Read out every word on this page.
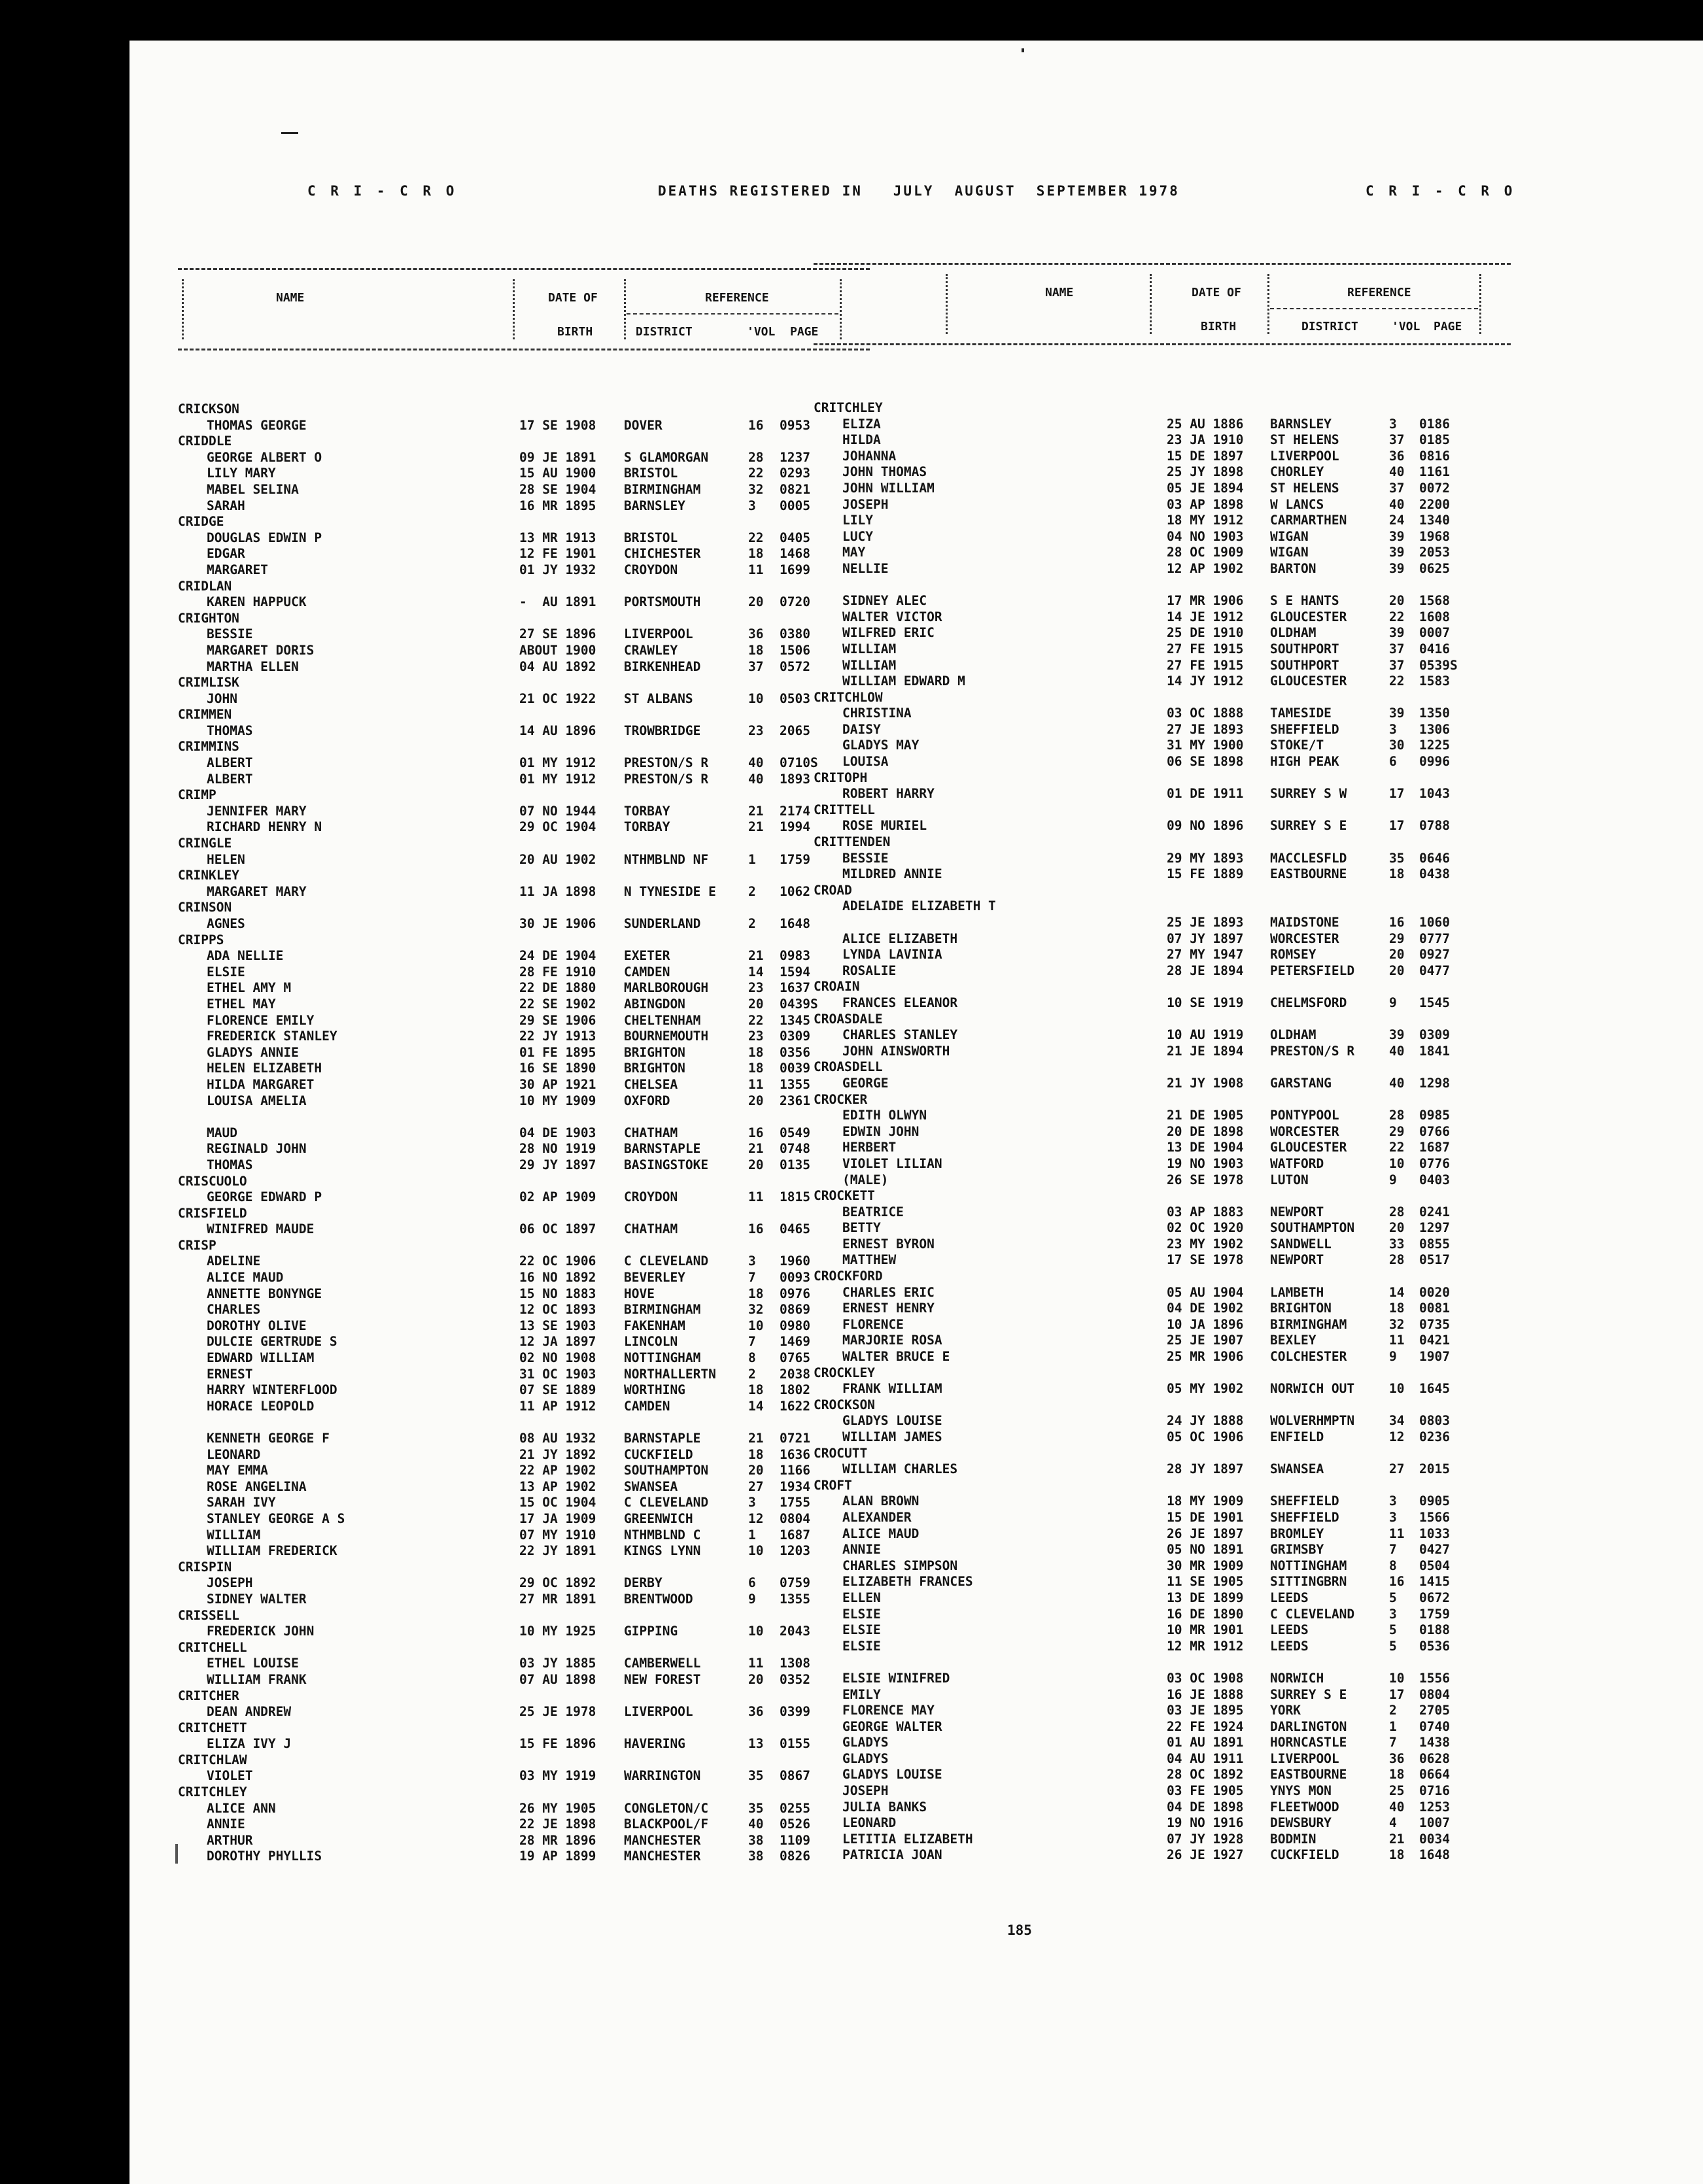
C R I - C R O	DEATHS REGISTERED IN   JULY  AUGUST  SEPTEMBER 1978	C R I - C R O
NAME	DATE OF
BIRTH
REFERENCE
DISTRICT	'VOL PAGE
CRICKSON
THOMAS GEORGE	17 SE 1908 DOVER	16 0953
CRIDDLE
GEORGE ALBERT O	09 JE 1891 S GLAMORGAN	28 1237
LILY MARY	15 AU 1900 BRISTOL	22 0293
MABEL SELINA	28 SE 1904 BIRMINGHAM	32 0821
SARAH	16 MR 1895 BARNSLEY	3 0005
CRIDGE
DOUGLAS EDWIN P	13 MR 1913 BRISTOL	22 0405
EDGAR	12 FE 1901 CHICHESTER	18 1468
MARGARET	01 JY 1932 CROYDON	11 1699
CRIDLAN
KAREN HAPPUCK	-  AU 1891 PORTSMOUTH	20 0720
CRIGHTON
BESSIE	27 SE 1896 LIVERPOOL	36 0380
MARGARET DORIS	ABOUT 1900 CRAWLEY	18 1506
MARTHA ELLEN	04 AU 1892 BIRKENHEAD	37 0572
CRIMLISK
JOHN	21 OC 1922 ST ALBANS	10 0503
CRIMMEN
THOMAS	14 AU 1896 TROWBRIDGE	23 2065
CRIMMINS
ALBERT	01 MY 1912 PRESTON/S R	40 0710S
ALBERT	01 MY 1912 PRESTON/S R	40 1893
CRIMP
JENNIFER MARY	07 NO 1944 TORBAY	21 2174
RICHARD HENRY N	29 OC 1904 TORBAY	21 1994
CRINGLE
HELEN	20 AU 1902 NTHMBLND NF	1 1759
CRINKLEY
MARGARET MARY	11 JA 1898 N TYNESIDE E	2 1062
CRINSON
AGNES	30 JE 1906 SUNDERLAND	2 1648
CRIPPS
ADA NELLIE	24 DE 1904 EXETER	21 0983
ELSIE	28 FE 1910 CAMDEN	14 1594
ETHEL AMY M	22 DE 1880 MARLBOROUGH	23 1637
ETHEL MAY	22 SE 1902 ABINGDON	20 0439S
FLORENCE EMILY	29 SE 1906 CHELTENHAM	22 1345
FREDERICK STANLEY	22 JY 1913 BOURNEMOUTH	23 0309
GLADYS ANNIE	01 FE 1895 BRIGHTON	18 0356
HELEN ELIZABETH	16 SE 1890 BRIGHTON	18 0039
HILDA MARGARET	30 AP 1921 CHELSEA	11 1355
LOUISA AMELIA	10 MY 1909 OXFORD	20 2361
MAUD	04 DE 1903 CHATHAM	16 0549
REGINALD JOHN	28 NO 1919 BARNSTAPLE	21 0748
THOMAS	29 JY 1897 BASINGSTOKE	20 0135
CRISCUOLO
GEORGE EDWARD P	02 AP 1909 CROYDON	11 1815
CRISFIELD
WINIFRED MAUDE	06 OC 1897 CHATHAM	16 0465
CRISP
ADELINE	22 OC 1906 C CLEVELAND	3 1960
ALICE MAUD	16 NO 1892 BEVERLEY	7 0093
ANNETTE BONYNGE	15 NO 1883 HOVE	18 0976
CHARLES	12 OC 1893 BIRMINGHAM	32 0869
DOROTHY OLIVE	13 SE 1903 FAKENHAM	10 0980
DULCIE GERTRUDE S	12 JA 1897 LINCOLN	7 1469
EDWARD WILLIAM	02 NO 1908 NOTTINGHAM	8 0765
ERNEST	31 OC 1903 NORTHALLERTN	2 2038
HARRY WINTERFLOOD	07 SE 1889 WORTHING	18 1802
HORACE LEOPOLD	11 AP 1912 CAMDEN	14 1622
KENNETH GEORGE F	08 AU 1932 BARNSTAPLE	21 0721
LEONARD	21 JY 1892 CUCKFIELD	18 1636
MAY EMMA	22 AP 1902 SOUTHAMPTON	20 1166
ROSE ANGELINA	13 AP 1902 SWANSEA	27 1934
SARAH IVY	15 OC 1904 C CLEVELAND	3 1755
STANLEY GEORGE A S	17 JA 1909 GREENWICH	12 0804
WILLIAM	07 MY 1910 NTHMBLND C	1 1687
WILLIAM FREDERICK	22 JY 1891 KINGS LYNN	10 1203
CRISPIN
JOSEPH	29 OC 1892 DERBY	6 0759
SIDNEY WALTER	27 MR 1891 BRENTWOOD	9 1355
CRISSELL
FREDERICK JOHN	10 MY 1925 GIPPING	10 2043
CRITCHELL
ETHEL LOUISE	03 JY 1885 CAMBERWELL	11 1308
WILLIAM FRANK	07 AU 1898 NEW FOREST	20 0352
CRITCHER
DEAN ANDREW	25 JE 1978 LIVERPOOL	36 0399
CRITCHETT
ELIZA IVY J	15 FE 1896 HAVERING	13 0155
CRITCHLAW
VIOLET	03 MY 1919 WARRINGTON	35 0867
CRITCHLEY
ALICE ANN	26 MY 1905 CONGLETON/C	35 0255
ANNIE	22 JE 1898 BLACKPOOL/F	40 0526
ARTHUR	28 MR 1896 MANCHESTER	38 1109
DOROTHY PHYLLIS	19 AP 1899 MANCHESTER	38 0826
NAME	DATE OF
BIRTH
REFERENCE
DISTRICT	'VOL PAGE
CRITCHLEY
ELIZA	25 AU 1886 BARNSLEY	3 0186
HILDA	23 JA 1910 ST HELENS	37 0185
JOHANNA	15 DE 1897 LIVERPOOL	36 0816
JOHN THOMAS	25 JY 1898 CHORLEY	40 1161
JOHN WILLIAM	05 JE 1894 ST HELENS	37 0072
JOSEPH	03 AP 1898 W LANCS	40 2200
LILY	18 MY 1912 CARMARTHEN	24 1340
LUCY	04 NO 1903 WIGAN	39 1968
MAY	28 OC 1909 WIGAN	39 2053
NELLIE	12 AP 1902 BARTON	39 0625
SIDNEY ALEC	17 MR 1906 S E HANTS	20 1568
WALTER VICTOR	14 JE 1912 GLOUCESTER	22 1608
WILFRED ERIC	25 DE 1910 OLDHAM	39 0007
WILLIAM	27 FE 1915 SOUTHPORT	37 0416
WILLIAM	27 FE 1915 SOUTHPORT	37 0539S
WILLIAM EDWARD M	14 JY 1912 GLOUCESTER	22 1583
CRITCHLOW
CHRISTINA	03 OC 1888 TAMESIDE	39 1350
DAISY	27 JE 1893 SHEFFIELD	3 1306
GLADYS MAY	31 MY 1900 STOKE/T	30 1225
LOUISA	06 SE 1898 HIGH PEAK	6 0996
CRITOPH
ROBERT HARRY	01 DE 1911 SURREY S W	17 1043
CRITTELL
ROSE MURIEL	09 NO 1896 SURREY S E	17 0788
CRITTENDEN
BESSIE	29 MY 1893 MACCLESFLD	35 0646
MILDRED ANNIE	15 FE 1889 EASTBOURNE	18 0438
CROAD
ADELAIDE ELIZABETH T
25 JE 1893 MAIDSTONE	16 1060
ALICE ELIZABETH	07 JY 1897 WORCESTER	29 0777
LYNDA LAVINIA	27 MY 1947 ROMSEY	20 0927
ROSALIE	28 JE 1894 PETERSFIELD	20 0477
CROAIN
FRANCES ELEANOR	10 SE 1919 CHELMSFORD	9 1545
CROASDALE
CHARLES STANLEY	10 AU 1919 OLDHAM	39 0309
JOHN AINSWORTH	21 JE 1894 PRESTON/S R	40 1841
CROASDELL
GEORGE	21 JY 1908 GARSTANG	40 1298
CROCKER
EDITH OLWYN	21 DE 1905 PONTYPOOL	28 0985
EDWIN JOHN	20 DE 1898 WORCESTER	29 0766
HERBERT	13 DE 1904 GLOUCESTER	22 1687
VIOLET LILIAN	19 NO 1903 WATFORD	10 0776
(MALE)	26 SE 1978 LUTON	9 0403
CROCKETT
BEATRICE	03 AP 1883 NEWPORT	28 0241
BETTY	02 OC 1920 SOUTHAMPTON	20 1297
ERNEST BYRON	23 MY 1902 SANDWELL	33 0855
MATTHEW	17 SE 1978 NEWPORT	28 0517
CROCKFORD
CHARLES ERIC	05 AU 1904 LAMBETH	14 0020
ERNEST HENRY	04 DE 1902 BRIGHTON	18 0081
FLORENCE	10 JA 1896 BIRMINGHAM	32 0735
MARJORIE ROSA	25 JE 1907 BEXLEY	11 0421
WALTER BRUCE E	25 MR 1906 COLCHESTER	9 1907
CROCKLEY
FRANK WILLIAM	05 MY 1902 NORWICH OUT	10 1645
CROCKSON
GLADYS LOUISE	24 JY 1888 WOLVERHMPTN	34 0803
WILLIAM JAMES	05 OC 1906 ENFIELD	12 0236
CROCUTT
WILLIAM CHARLES	28 JY 1897 SWANSEA	27 2015
CROFT
ALAN BROWN	18 MY 1909 SHEFFIELD	3 0905
ALEXANDER	15 DE 1901 SHEFFIELD	3 1566
ALICE MAUD	26 JE 1897 BROMLEY	11 1033
ANNIE	05 NO 1891 GRIMSBY	7 0427
CHARLES SIMPSON	30 MR 1909 NOTTINGHAM	8 0504
ELIZABETH FRANCES	11 SE 1905 SITTINGBRN	16 1415
ELLEN	13 DE 1899 LEEDS	5 0672
ELSIE	16 DE 1890 C CLEVELAND	3 1759
ELSIE	10 MR 1901 LEEDS	5 0188
ELSIE	12 MR 1912 LEEDS	5 0536
ELSIE WINIFRED	03 OC 1908 NORWICH	10 1556
EMILY	16 JE 1888 SURREY S E	17 0804
FLORENCE MAY	03 JE 1895 YORK	2 2705
GEORGE WALTER	22 FE 1924 DARLINGTON	1 0740
GLADYS	01 AU 1891 HORNCASTLE	7 1438
GLADYS	04 AU 1911 LIVERPOOL	36 0628
GLADYS LOUISE	28 OC 1892 EASTBOURNE	18 0664
JOSEPH	03 FE 1905 YNYS MON	25 0716
JULIA BANKS	04 DE 1898 FLEETWOOD	40 1253
LEONARD	19 NO 1916 DEWSBURY	4 1007
LETITIA ELIZABETH	07 JY 1928 BODMIN	21 0034
PATRICIA JOAN	26 JE 1927 CUCKFIELD	18 1648
185
